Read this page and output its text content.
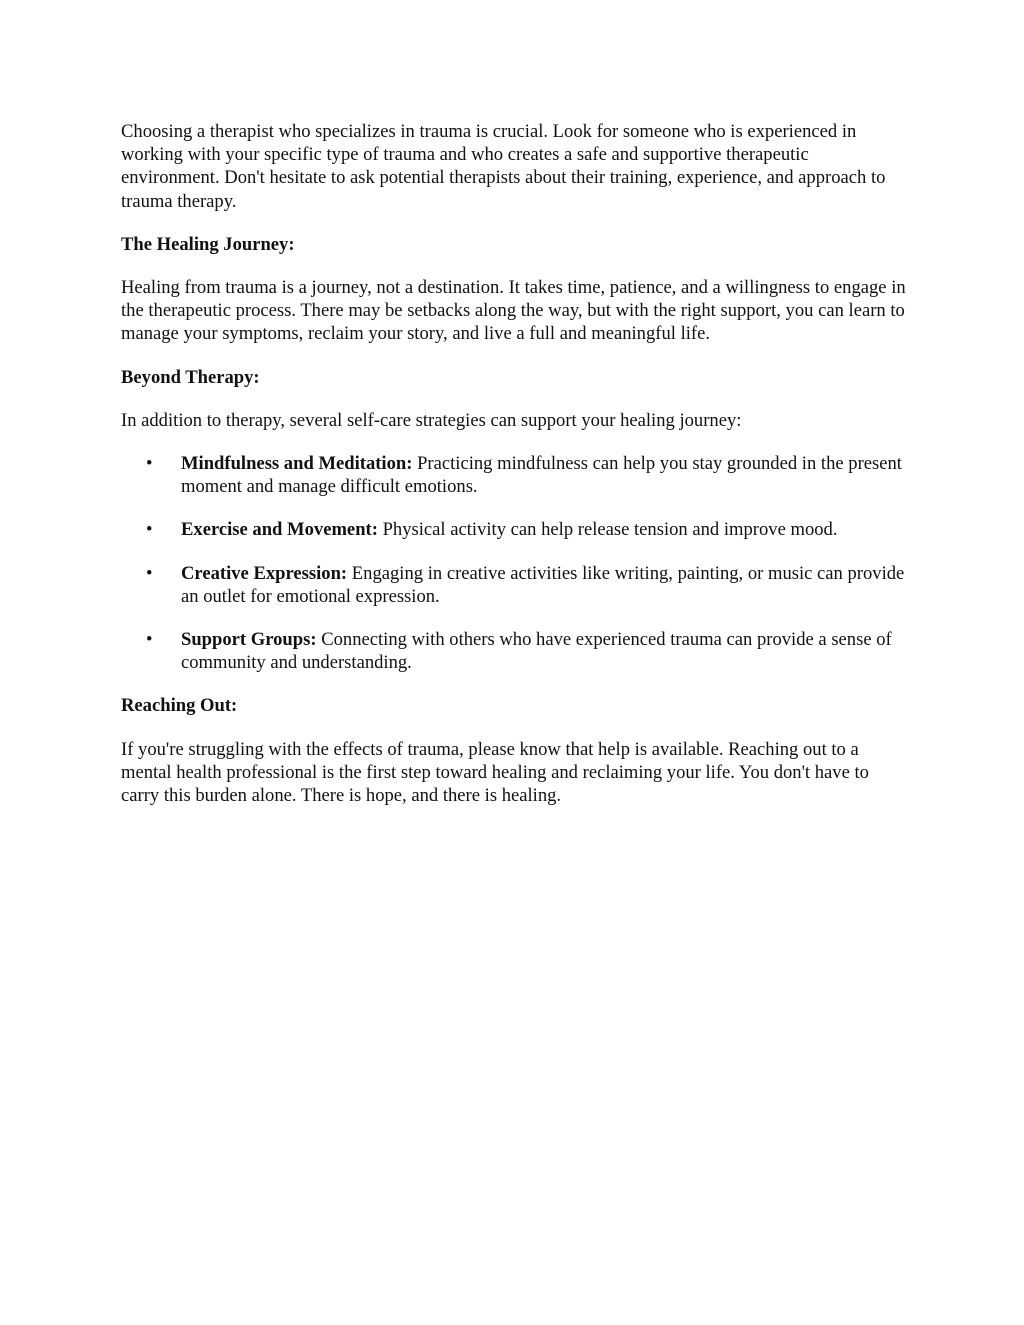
Choosing a therapist who specializes in trauma is crucial. Look for someone who is experienced in working with your specific type of trauma and who creates a safe and supportive therapeutic environment. Don't hesitate to ask potential therapists about their training, experience, and approach to trauma therapy.

The Healing Journey:

Healing from trauma is a journey, not a destination. It takes time, patience, and a willingness to engage in the therapeutic process. There may be setbacks along the way, but with the right support, you can learn to manage your symptoms, reclaim your story, and live a full and meaningful life.

Beyond Therapy:

In addition to therapy, several self-care strategies can support your healing journey:

• Mindfulness and Meditation: Practicing mindfulness can help you stay grounded in the present moment and manage difficult emotions.
• Exercise and Movement: Physical activity can help release tension and improve mood.
• Creative Expression: Engaging in creative activities like writing, painting, or music can provide an outlet for emotional expression.
• Support Groups: Connecting with others who have experienced trauma can provide a sense of community and understanding.
Reaching Out:

If you're struggling with the effects of trauma, please know that help is available. Reaching out to a mental health professional is the first step toward healing and reclaiming your life. You don't have to carry this burden alone. There is hope, and there is healing.
